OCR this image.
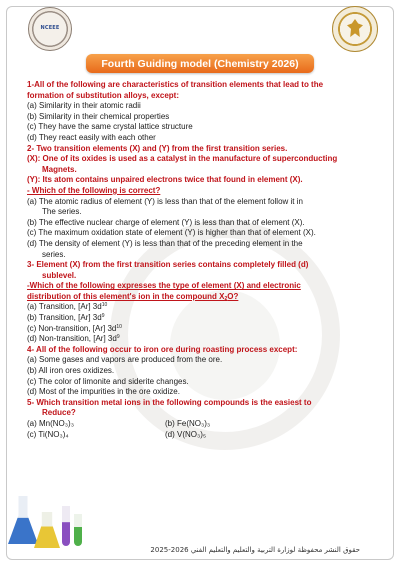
NCEEE
Fourth Guiding model (Chemistry 2026)
1-All of the following are characteristics of transition elements that lead to the
formation of substitution alloys, except:
(a) Similarity in their atomic radii
(b) Similarity in their chemical properties
(c) They have the same crystal lattice structure
(d) They react easily with each other
2- Two transition elements (X) and (Y) from the first transition series.
(X): One of its oxides is used as a catalyst in the manufacture of superconducting
Magnets.
(Y): Its atom contains unpaired electrons twice that found in element (X).
- Which of the following is correct?
(a) The atomic radius of element (Y) is less than that of the element follow it in
The series.
(b) The effective nuclear charge of element (Y) is less than that of element (X).
(c) The maximum oxidation state of element (Y) is higher than that of element (X).
(d) The density of element (Y) is less than that of the preceding element in the
series.
3- Element (X) from the first transition series contains completely filled (d)
sublevel.
-Which of the following expresses the type of element (X) and electronic
distribution of this element's ion in the compound $X_2O$?
(a) Transition, [Ar] $3d^{10}$
(b) Transition, [Ar] $3d^9$
(c) Non-transition, [Ar] $3d^{10}$
(d) Non-transition, [Ar] $3d^9$
4- All of the following occur to iron ore during roasting process except:
(a) Some gases and vapors are produced from the ore.
(b) All iron ores oxidizes.
(c) The color of limonite and siderite changes.
(d) Most of the impurities in the ore oxidize.
5- Which transition metal ions in the following compounds is the easiest to
Reduce?
(a) Mn(NO₃)₃	(b) Fe(NO₃)₃
(c) Ti(NO₃)₄	(d) V(NO₃)₅
حقوق النشر محفوظة لوزارة التربية والتعليم والتعليم الفني 2026-2025
